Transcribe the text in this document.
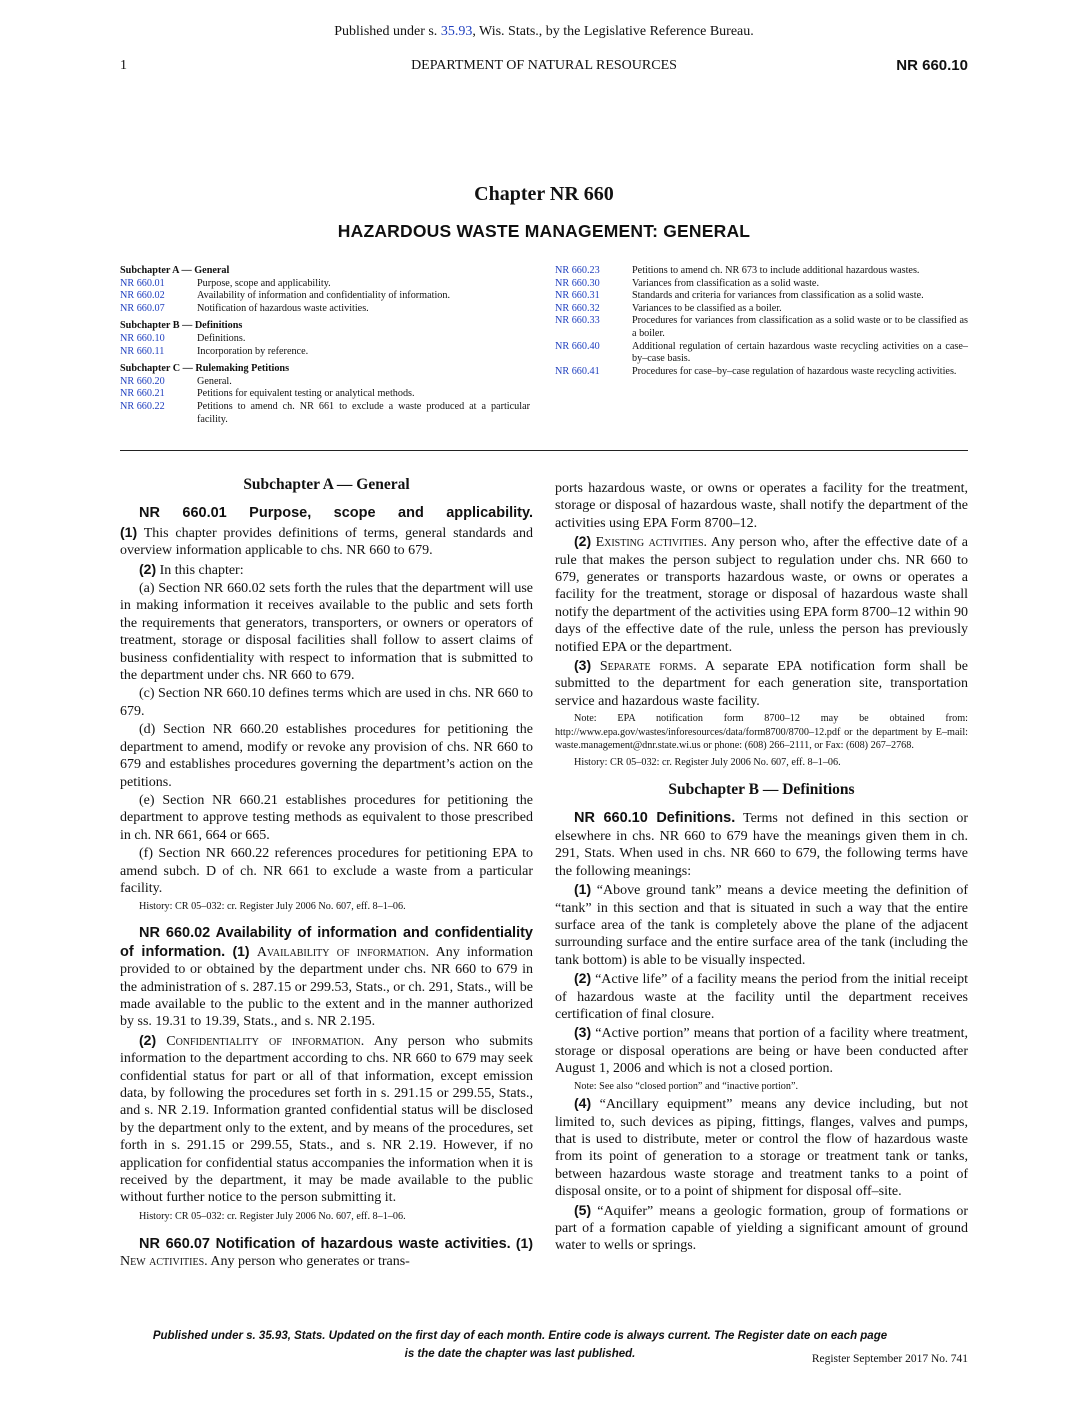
Published under s. 35.93, Wis. Stats., by the Legislative Reference Bureau.
1	DEPARTMENT OF NATURAL RESOURCES	NR 660.10
Chapter NR 660
HAZARDOUS WASTE MANAGEMENT: GENERAL
Subchapter A — General
NR 660.01	Purpose, scope and applicability.
NR 660.02	Availability of information and confidentiality of information.
NR 660.07	Notification of hazardous waste activities.
Subchapter B — Definitions
NR 660.10	Definitions.
NR 660.11	Incorporation by reference.
Subchapter C — Rulemaking Petitions
NR 660.20	General.
NR 660.21	Petitions for equivalent testing or analytical methods.
NR 660.22	Petitions to amend ch. NR 661 to exclude a waste produced at a particular facility.
NR 660.23	Petitions to amend ch. NR 673 to include additional hazardous wastes.
NR 660.30	Variances from classification as a solid waste.
NR 660.31	Standards and criteria for variances from classification as a solid waste.
NR 660.32	Variances to be classified as a boiler.
NR 660.33	Procedures for variances from classification as a solid waste or to be classified as a boiler.
NR 660.40	Additional regulation of certain hazardous waste recycling activities on a case–by–case basis.
NR 660.41	Procedures for case–by–case regulation of hazardous waste recycling activities.
Subchapter A — General

NR 660.01 Purpose, scope and applicability.

(1) This chapter provides definitions of terms, general standards and overview information applicable to chs. NR 660 to 679.

(2) In this chapter:

(a) Section NR 660.02 sets forth the rules that the department will use in making information it receives available to the public and sets forth the requirements that generators, transporters, or owners or operators of treatment, storage or disposal facilities shall follow to assert claims of business confidentiality with respect to information that is submitted to the department under chs. NR 660 to 679.

(c) Section NR 660.10 defines terms which are used in chs. NR 660 to 679.

(d) Section NR 660.20 establishes procedures for petitioning the department to amend, modify or revoke any provision of chs. NR 660 to 679 and establishes procedures governing the department’s action on the petitions.

(e) Section NR 660.21 establishes procedures for petitioning the department to approve testing methods as equivalent to those prescribed in ch. NR 661, 664 or 665.

(f) Section NR 660.22 references procedures for petitioning EPA to amend subch. D of ch. NR 661 to exclude a waste from a particular facility.

History: CR 05–032: cr. Register July 2006 No. 607, eff. 8–1–06.

NR 660.02 Availability of information and confidentiality of information. (1) Availability of information. Any information provided to or obtained by the department under chs. NR 660 to 679 in the administration of s. 287.15 or 299.53, Stats., or ch. 291, Stats., will be made available to the public to the extent and in the manner authorized by ss. 19.31 to 19.39, Stats., and s. NR 2.195.

(2) Confidentiality of information. Any person who submits information to the department according to chs. NR 660 to 679 may seek confidential status for part or all of that information, except emission data, by following the procedures set forth in s. 291.15 or 299.55, Stats., and s. NR 2.19. Information granted confidential status will be disclosed by the department only to the extent, and by means of the procedures, set forth in s. 291.15 or 299.55, Stats., and s. NR 2.19. However, if no application for confidential status accompanies the information when it is received by the department, it may be made available to the public without further notice to the person submitting it.

History: CR 05–032: cr. Register July 2006 No. 607, eff. 8–1–06.

NR 660.07 Notification of hazardous waste activities. (1) New activities. Any person who generates or trans-

ports hazardous waste, or owns or operates a facility for the treatment, storage or disposal of hazardous waste, shall notify the department of the activities using EPA Form 8700–12.

(2) Existing activities. Any person who, after the effective date of a rule that makes the person subject to regulation under chs. NR 660 to 679, generates or transports hazardous waste, or owns or operates a facility for the treatment, storage or disposal of hazardous waste shall notify the department of the activities using EPA form 8700–12 within 90 days of the effective date of the rule, unless the person has previously notified EPA or the department.

(3) Separate forms. A separate EPA notification form shall be submitted to the department for each generation site, transportation service and hazardous waste facility.

Note: EPA notification form 8700–12 may be obtained from: http://www.epa.gov/wastes/inforesources/data/form8700/8700–12.pdf or the department by E–mail: waste.management@dnr.state.wi.us or phone: (608) 266–2111, or Fax: (608) 267–2768.
History: CR 05–032: cr. Register July 2006 No. 607, eff. 8–1–06.
Subchapter B — Definitions

NR 660.10 Definitions. Terms not defined in this section or elsewhere in chs. NR 660 to 679 have the meanings given them in ch. 291, Stats. When used in chs. NR 660 to 679, the following terms have the following meanings:

(1) “Above ground tank” means a device meeting the definition of “tank” in this section and that is situated in such a way that the entire surface area of the tank is completely above the plane of the adjacent surrounding surface and the entire surface area of the tank (including the tank bottom) is able to be visually inspected.

(2) “Active life” of a facility means the period from the initial receipt of hazardous waste at the facility until the department receives certification of final closure.

(3) “Active portion” means that portion of a facility where treatment, storage or disposal operations are being or have been conducted after August 1, 2006 and which is not a closed portion.

Note: See also “closed portion” and “inactive portion”.

(4) “Ancillary equipment” means any device including, but not limited to, such devices as piping, fittings, flanges, valves and pumps, that is used to distribute, meter or control the flow of hazardous waste from its point of generation to a storage or treatment tank or tanks, between hazardous waste storage and treatment tanks to a point of disposal onsite, or to a point of shipment for disposal off–site.

(5) “Aquifer” means a geologic formation, group of formations or part of a formation capable of yielding a significant amount of ground water to wells or springs.

Published under s. 35.93, Stats. Updated on the first day of each month. Entire code is always current. The Register date on each page
is the date the chapter was last published.	Register September 2017 No. 741
